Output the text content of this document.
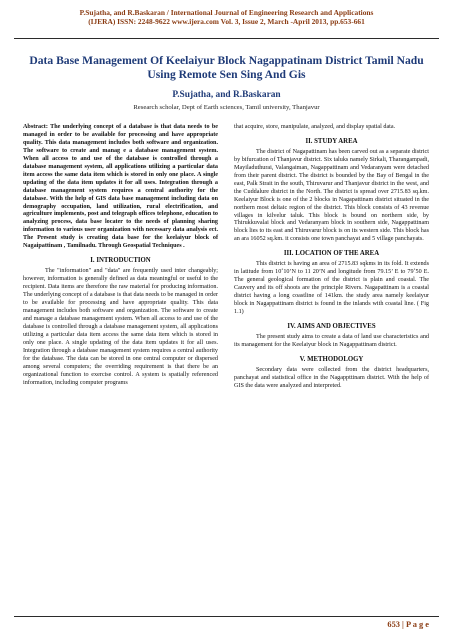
P.Sujatha, and R.Baskaran / International Journal of Engineering Research and Applications
(IJERA) ISSN: 2248-9622 www.ijera.com Vol. 3, Issue 2, March -April 2013, pp.653-661
Data Base Management Of Keelaiyur Block Nagappatinam District Tamil Nadu Using Remote Sen Sing And Gis
P.Sujatha, and R.Baskaran
Research scholar, Dept of Earth sciences, Tamil university, Thanjavur

Abstract: The underlying concept of a database is that data needs to be managed in order to be available for processing and have appropriate quality. This data management includes both software and organization. The software to create and manag e a database management system. When all access to and use of the database is controlled through a database management system, all applications utilizing a particular data item access the same data item which is stored in only one place. A single updating of the data item updates it for all uses. Integration through a database management system requires a central authority for the database. With the help of GIS data base management including data on demography occupation, land utilization, rural electrification, and agriculture implements, post and telegraph offices telephone, education to analyzing process, data base locater to the needs of planning sharing information to various user organization with necessary data analysis ect. The Present study is creating data base for the keelaiyur block of Nagaipattinam , Tamilnadu. Through Geospatial Techniques .

I. INTRODUCTION

The "information" and "data" are frequently used inter changeably; however, information is generally defined as data meaningful or useful to the recipient. Data items are therefore the raw material for producing information. The underlying concept of a database is that data needs to be managed in order to be available for processing and have appropriate quality. This data management includes both software and organization. The software to create and manage a database management system. When all access to and use of the database is controlled through a database management system, all applications utilizing a particular data item access the same data item which is stored in only one place. A single updating of the data item updates it for all uses. Integration through a database management system requires a central authority for the database. The data can be stored in one central computer or dispersed among several computers; the overriding requirement is that there be an organizational function to exercise control. A system is spatially referenced information, including computer programs

that acquire, store, manipulate, analyzed, and display spatial data.

II. STUDY AREA

The district of Nagapattinam has been carved out as a separate district by bifurcation of Thanjavur district. Six taluks namely Sirkali, Tharangampadi, Mayiladuthurai, Valangaiman, Nagappattinam and Vedaranyam were detached from their parent district. The district is bounded by the Bay of Bengal in the east, Palk Strait in the south, Thiruvarur and Thanjavur district in the west, and the Cuddalure district in the North. The district is spread over 2715.83 sq.km. Keelaiyur Block is one of the 2 blocks in Nagapattinam district situated in the northern most deltaic region of the district. This block consists of 43 revenue villages in kilvelur taluk. This block is bound on northern side, by Thirukkuvalai block and Vedaranyam block in southern side, Nagappattinam block lies to its east and Thiruvarur block is on its western side. This block has an ara 16052 sq.km. it consists one town panchayat and 5 village panchayats.

III. LOCATION OF THE AREA

This district is having an area of 2715.83 sqkms in its fold. It extends in latitude from 10˚10’N to 11 20’N and longitude from 79.15’ E to 79˚50 E. The general geological formation of the district is plain and coastal. The Cauvery and its off shoots are the principle Rivers. Nagapattinam is a coastal district having a long coastline of 141km. the study area namely keelaiyur block in Nagappattinam district is found in the inlands with coastal line. ( Fig 1.1)

IV. AIMS AND OBJECTIVES

The present study aims to create a data of land use characteristics and its management for the Keelaiyur block in Nagappattinam district.

V. METHODOLOGY

Secondary data were collected from the district headquarters, panchayat and statistical office in the Nagappttinam district. With the help of GIS the data were analyzed and interpreted.

653 | P a g e
